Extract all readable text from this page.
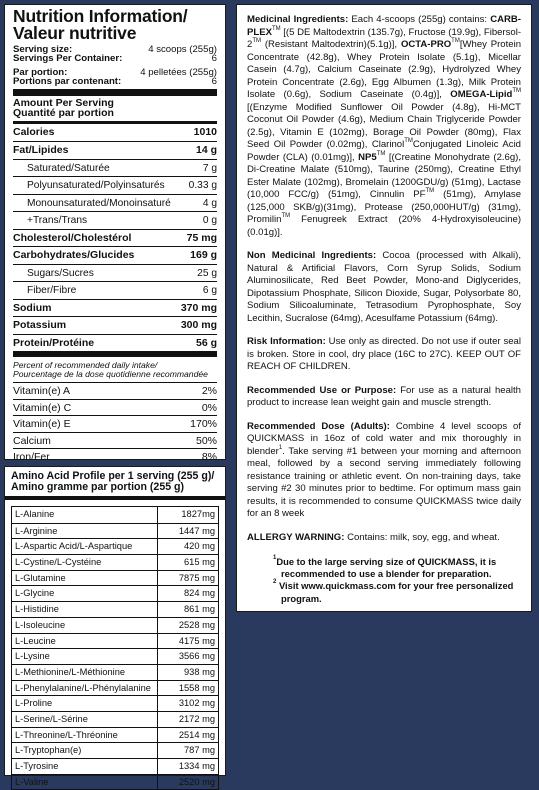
Nutrition Information/
Valeur nutritive
Serving size:	4 scoops (255g)
Servings Per Container:	6
Par portion:	4 pelletées (255g)
Portions par contenant:	6
Amount Per Serving
Quantité par portion
Calories	1010
Fat/Lipides	14 g
Saturated/Saturée	7 g
Polyunsaturated/Polyinsaturés 0.33 g
Monounsaturated/Monoinsaturé	4 g
+Trans/Trans	0 g
Cholesterol/Cholestérol	75 mg
Carbohydrates/Glucides	169 g
Sugars/Sucres	25 g
Fiber/Fibre	6 g
Sodium	370 mg
Potassium	300 mg
Protein/Protéine	56 g
Percent of recommended daily intake/
Pourcentage de la dose quotidienne recommandée
Vitamin(e) A	2%
Vitamin(e) C	0%
Vitamin(e) E	170%
Calcium	50%
Iron/Fer	8%
Amino Acid Profile per 1 serving (255 g)/
Amino gramme par portion (255 g)
L-Alanine	1827mg
L-Arginine	1447 mg
L-Aspartic Acid/L-Aspartique	420 mg
L-Cystine/L-Cystéine	615 mg
L-Glutamine	7875 mg
L-Glycine	824 mg
L-Histidine	861 mg
L-Isoleucine	2528 mg
L-Leucine	4175 mg
L-Lysine	3566 mg
L-Methionine/L-Méthionine	938 mg
L-Phenylalanine/L-Phénylalanine	1558 mg
L-Proline	3102 mg
L-Serine/L-Sérine	2172 mg
L-Threonine/L-Thréonine	2514 mg
L-Tryptophan(e)	787 mg
L-Tyrosine	1334 mg
L-Valine	2520 mg

Medicinal Ingredients: Each 4-scoops (255g) contains: CARB-PLEX™ [(5 DE Maltodextrin (135.7g), Fructose (19.9g), Fibersol-2™ (Resistant Maltodextrin)(5.1g)], OCTA-PRO™[Whey Protein Concentrate (42.8g), Whey Protein Isolate (5.1g), Micellar Casein (4.7g), Calcium Caseinate (2.9g), Hydrolyzed Whey Protein Concentrate (2.6g), Egg Albumen (1.3g), Milk Protein Isolate (0.6g), Sodium Caseinate (0.4g)], OMEGA-Lipid™ [(Enzyme Modified Sunflower Oil Powder (4.8g), Hi-MCT Coconut Oil Powder (4.6g), Medium Chain Triglyceride Powder (2.5g), Vitamin E (102mg), Borage Oil Powder (80mg), Flax Seed Oil Powder (0.02mg), Clarinol™Conjugated Linoleic Acid Powder (CLA) (0.01mg)], NP5™ [(Creatine Monohydrate (2.6g), Di-Creatine Malate (510mg), Taurine (250mg), Creatine Ethyl Ester Malate (102mg), Bromelain (1200GDU/g) (51mg), Lactase (10,000 FCC/g) (51mg), Cinnulin PF™ (51mg), Amylase (125,000 SKB/g)(31mg), Protease (250,000HUT/g) (31mg), Promilin™ Fenugreek Extract (20% 4-Hydroxyisoleucine)(0.01g)].

Non Medicinal Ingredients: Cocoa (processed with Alkali), Natural & Artificial Flavors, Corn Syrup Solids, Sodium Aluminosilicate, Red Beet Powder, Mono-and Diglycerides, Dipotassium Phosphate, Silicon Dioxide, Sugar, Polysorbate 80, Sodium Silicoaluminate, Tetrasodium Pyrophosphate, Soy Lecithin, Sucralose (64mg), Acesulfame Potassium (64mg).

Risk Information: Use only as directed. Do not use if outer seal is broken. Store in cool, dry place (16C to 27C). KEEP OUT OF REACH OF CHILDREN.

Recommended Use or Purpose: For use as a natural health product to increase lean weight gain and muscle strength.

Recommended Dose (Adults): Combine 4 level scoops of QUICKMASS in 16oz of cold water and mix thoroughly in blender$^1$. Take serving #1 between your morning and afternoon meal, followed by a second serving immediately following resistance training or athletic event. On non-training days, take serving #2 30 minutes prior to bedtime. For optimum mass gain results, it is recommended to consume QUICKMASS twice daily for an 8 week

ALLERGY WARNING: Contains: milk, soy, egg, and wheat.

$^1$Due to the large serving size of QUICKMASS, it is recommended to use a blender for preparation.

$^2$ Visit www.quickmass.com for your free personalized program.
